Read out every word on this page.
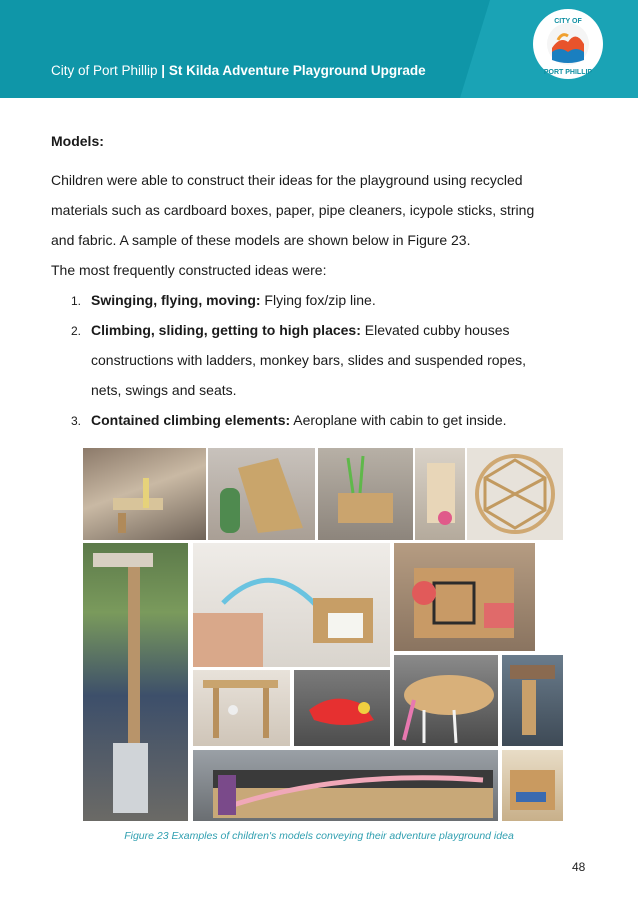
City of Port Phillip | St Kilda Adventure Playground Upgrade
CITY OF
PORT PHILLIP
Models:
Children were able to construct their ideas for the playground using recycled
materials such as cardboard boxes, paper, pipe cleaners, icypole sticks, string
and fabric. A sample of these models are shown below in Figure 23.
The most frequently constructed ideas were:
1. Swinging, flying, moving: Flying fox/zip line.
2. Climbing, sliding, getting to high places: Elevated cubby houses
constructions with ladders, monkey bars, slides and suspended ropes,
nets, swings and seats.
3. Contained climbing elements: Aeroplane with cabin to get inside.
Figure 23 Examples of children's models conveying their adventure playground idea
48
